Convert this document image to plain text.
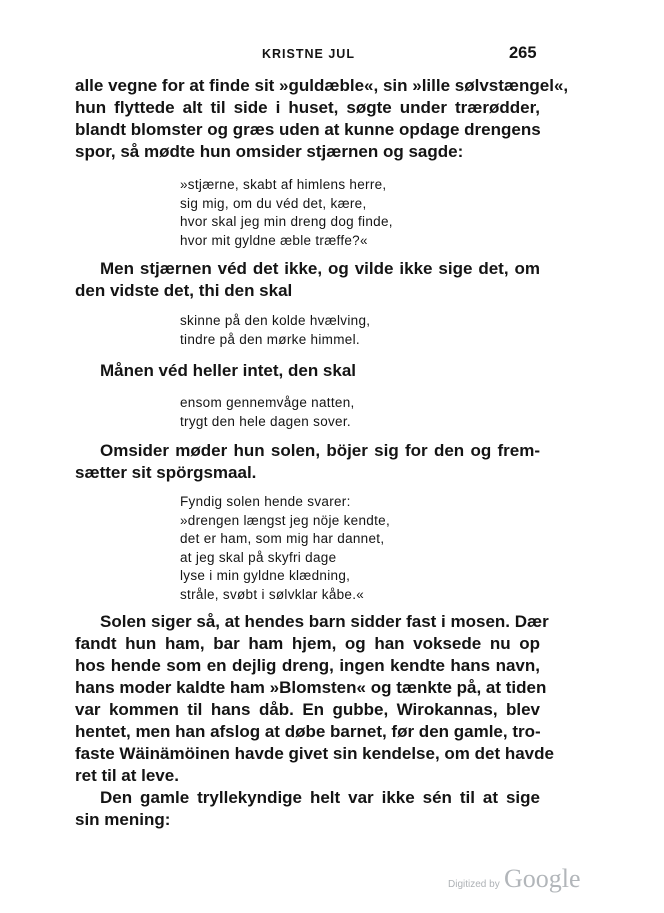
KRISTNE JUL	265

alle vegne for at finde sit »guldæble«, sin »lille sølvstængel«,
hun flyttede alt til side i huset, søgte under trærødder,
blandt blomster og græs uden at kunne opdage drengens
spor, så mødte hun omsider stjærnen og sagde:

»stjærne, skabt af himlens herre,
sig mig, om du véd det, kære,
hvor skal jeg min dreng dog finde,
hvor mit gyldne æble træffe?«

Men stjærnen véd det ikke, og vilde ikke sige det, om
den vidste det, thi den skal

skinne på den kolde hvælving,
tindre på den mørke himmel.

Månen véd heller intet, den skal

ensom gennemvåge natten,
trygt den hele dagen sover.

Omsider møder hun solen, böjer sig for den og frem-
sætter sit spörgsmaal.

Fyndig solen hende svarer:
»drengen længst jeg nöje kendte,
det er ham, som mig har dannet,
at jeg skal på skyfri dage
lyse i min gyldne klædning,
stråle, svøbt i sølvklar kåbe.«

Solen siger så, at hendes barn sidder fast i mosen. Dær
fandt hun ham, bar ham hjem, og han voksede nu op
hos hende som en dejlig dreng, ingen kendte hans navn,
hans moder kaldte ham »Blomsten« og tænkte på, at tiden
var kommen til hans dåb. En gubbe, Wirokannas, blev
hentet, men han afslog at døbe barnet, før den gamle, tro-
faste Wäinämöinen havde givet sin kendelse, om det havde
ret til at leve.

Den gamle tryllekyndige helt var ikke sén til at sige
sin mening:

Digitized by Google
